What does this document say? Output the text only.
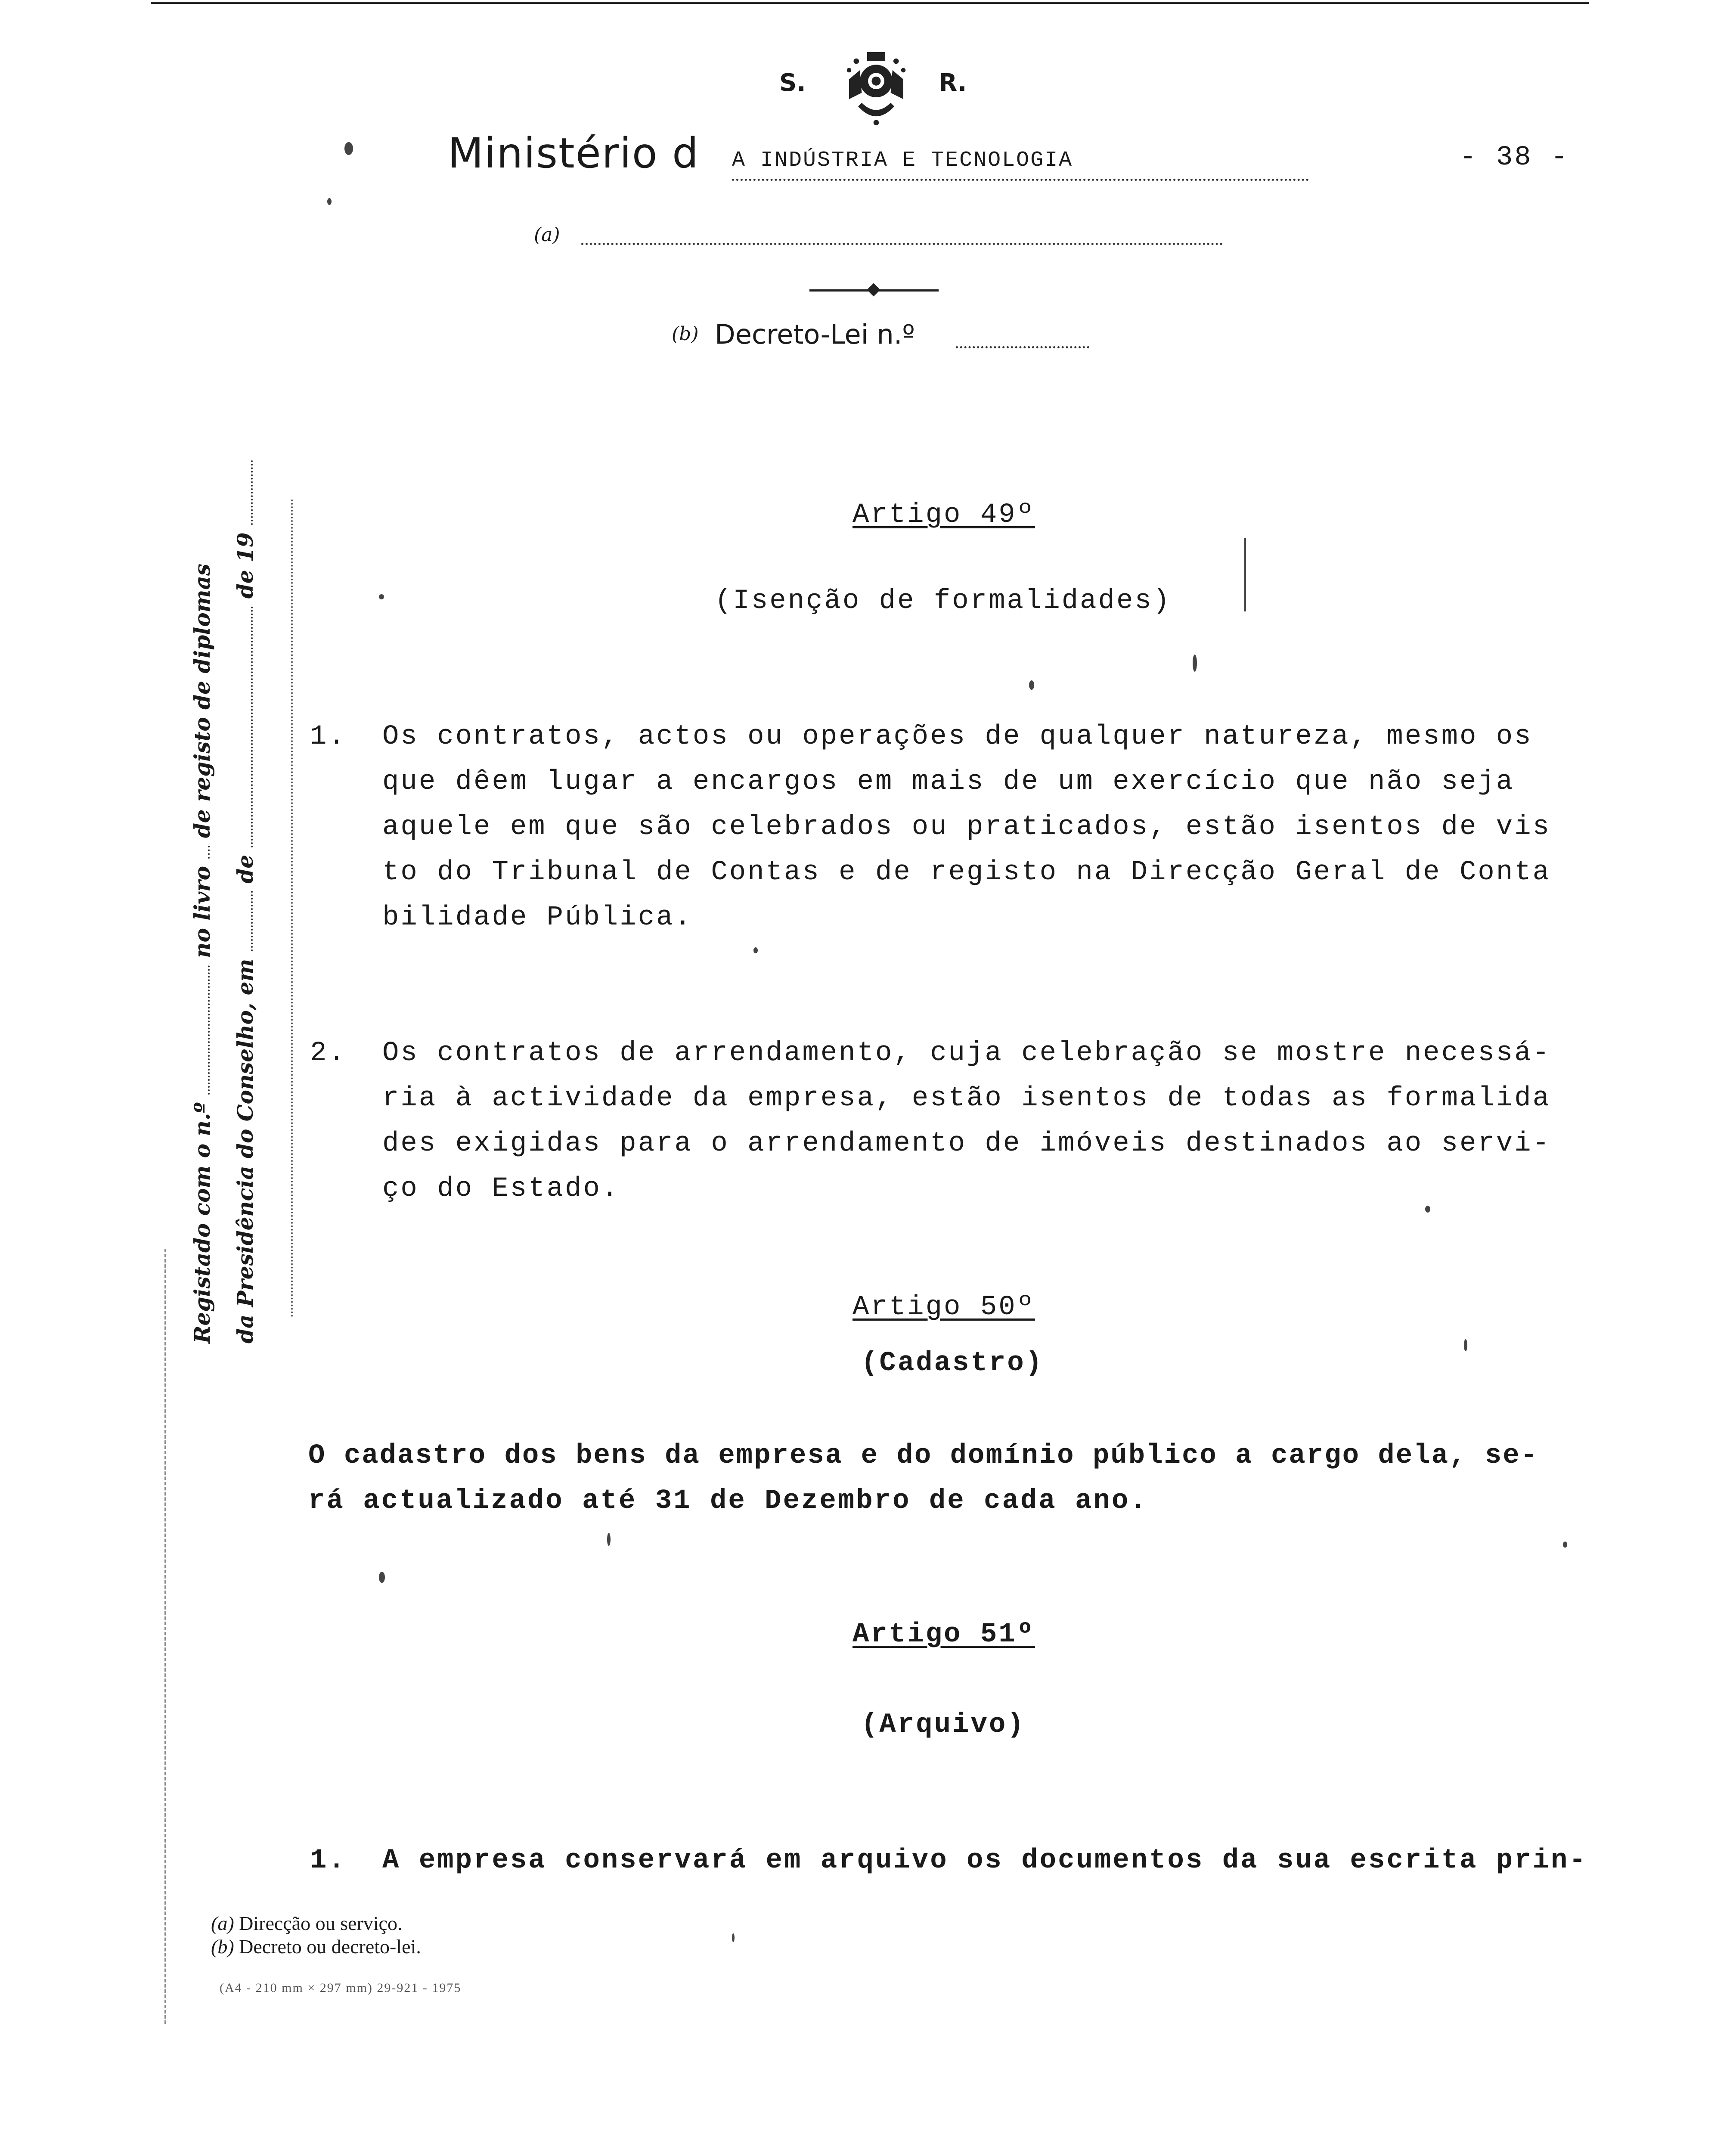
S.	R.
Ministério d A INDÚSTRIA E TECNOLOGIA	- 38 -
(a)
(b) Decreto-Lei n.º
Artigo 49º
(Isenção de formalidades)
1. Os contratos, actos ou operações de qualquer natureza, mesmo os
que dêem lugar a encargos em mais de um exercício que não seja
aquele em que são celebrados ou praticados, estão isentos de vis
to do Tribunal de Contas e de registo na Direcção Geral de Conta
bilidade Pública.
2. Os contratos de arrendamento, cuja celebração se mostre necessá-
ria à actividade da empresa, estão isentos de todas as formalida
des exigidas para o arrendamento de imóveis destinados ao servi-
ço do Estado.
Artigo 50º
(Cadastro)
O cadastro dos bens da empresa e do domínio público a cargo dela, se-
rá actualizado até 31 de Dezembro de cada ano.
Artigo 51º
(Arquivo)
1. A empresa conservará em arquivo os documentos da sua escrita prin-
Registado com o n.º  no livro  de registo de diplomas
da Presidência do Conselho, em  de  de 19
(a) Direcção ou serviço.
(b) Decreto ou decreto-lei.
(A4 - 210 mm × 297 mm) 29-921 - 1975
